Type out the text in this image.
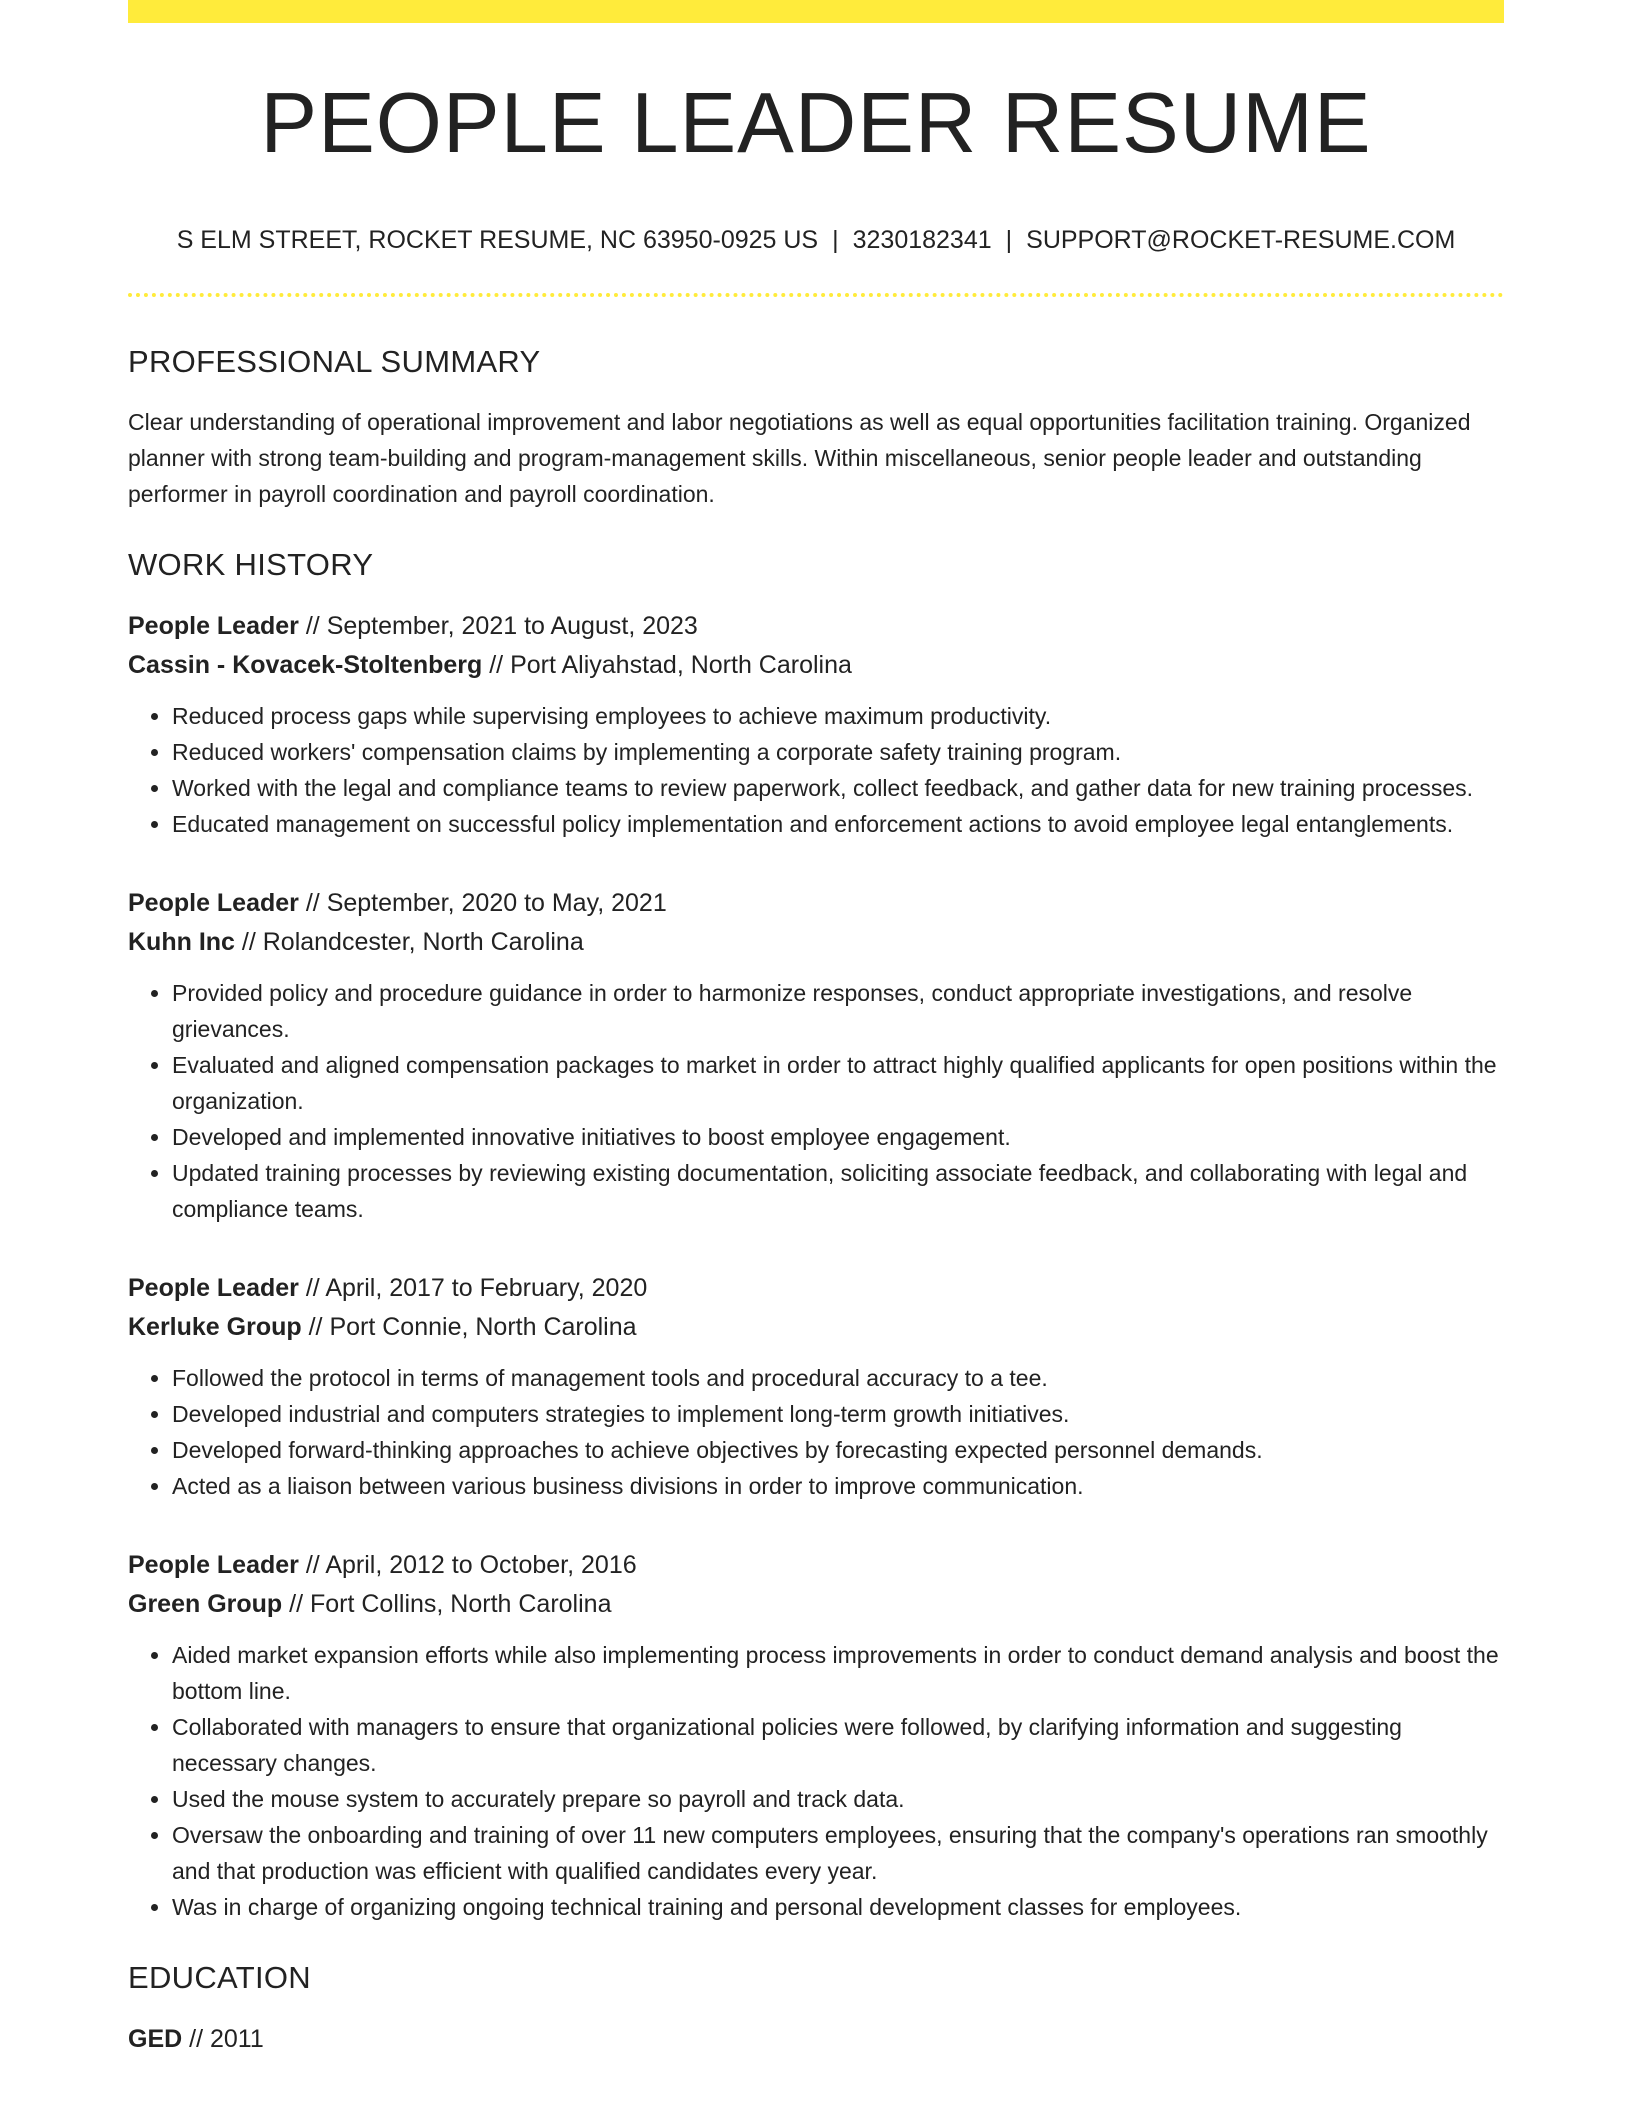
PEOPLE LEADER RESUME
S ELM STREET, ROCKET RESUME, NC 63950-0925 US | 3230182341 | SUPPORT@ROCKET-RESUME.COM
PROFESSIONAL SUMMARY
Clear understanding of operational improvement and labor negotiations as well as equal opportunities facilitation training. Organized planner with strong team-building and program-management skills. Within miscellaneous, senior people leader and outstanding performer in payroll coordination and payroll coordination.
WORK HISTORY
People Leader // September, 2021 to August, 2023
Cassin - Kovacek-Stoltenberg // Port Aliyahstad, North Carolina
• Reduced process gaps while supervising employees to achieve maximum productivity.
• Reduced workers' compensation claims by implementing a corporate safety training program.
• Worked with the legal and compliance teams to review paperwork, collect feedback, and gather data for new training processes.
• Educated management on successful policy implementation and enforcement actions to avoid employee legal entanglements.
People Leader // September, 2020 to May, 2021
Kuhn Inc // Rolandcester, North Carolina
• Provided policy and procedure guidance in order to harmonize responses, conduct appropriate investigations, and resolve grievances.
• Evaluated and aligned compensation packages to market in order to attract highly qualified applicants for open positions within the organization.
• Developed and implemented innovative initiatives to boost employee engagement.
• Updated training processes by reviewing existing documentation, soliciting associate feedback, and collaborating with legal and compliance teams.
People Leader // April, 2017 to February, 2020
Kerluke Group // Port Connie, North Carolina
• Followed the protocol in terms of management tools and procedural accuracy to a tee.
• Developed industrial and computers strategies to implement long-term growth initiatives.
• Developed forward-thinking approaches to achieve objectives by forecasting expected personnel demands.
• Acted as a liaison between various business divisions in order to improve communication.
People Leader // April, 2012 to October, 2016
Green Group // Fort Collins, North Carolina
• Aided market expansion efforts while also implementing process improvements in order to conduct demand analysis and boost the bottom line.
• Collaborated with managers to ensure that organizational policies were followed, by clarifying information and suggesting necessary changes.
• Used the mouse system to accurately prepare so payroll and track data.
• Oversaw the onboarding and training of over 11 new computers employees, ensuring that the company's operations ran smoothly and that production was efficient with qualified candidates every year.
• Was in charge of organizing ongoing technical training and personal development classes for employees.
EDUCATION
GED // 2011
